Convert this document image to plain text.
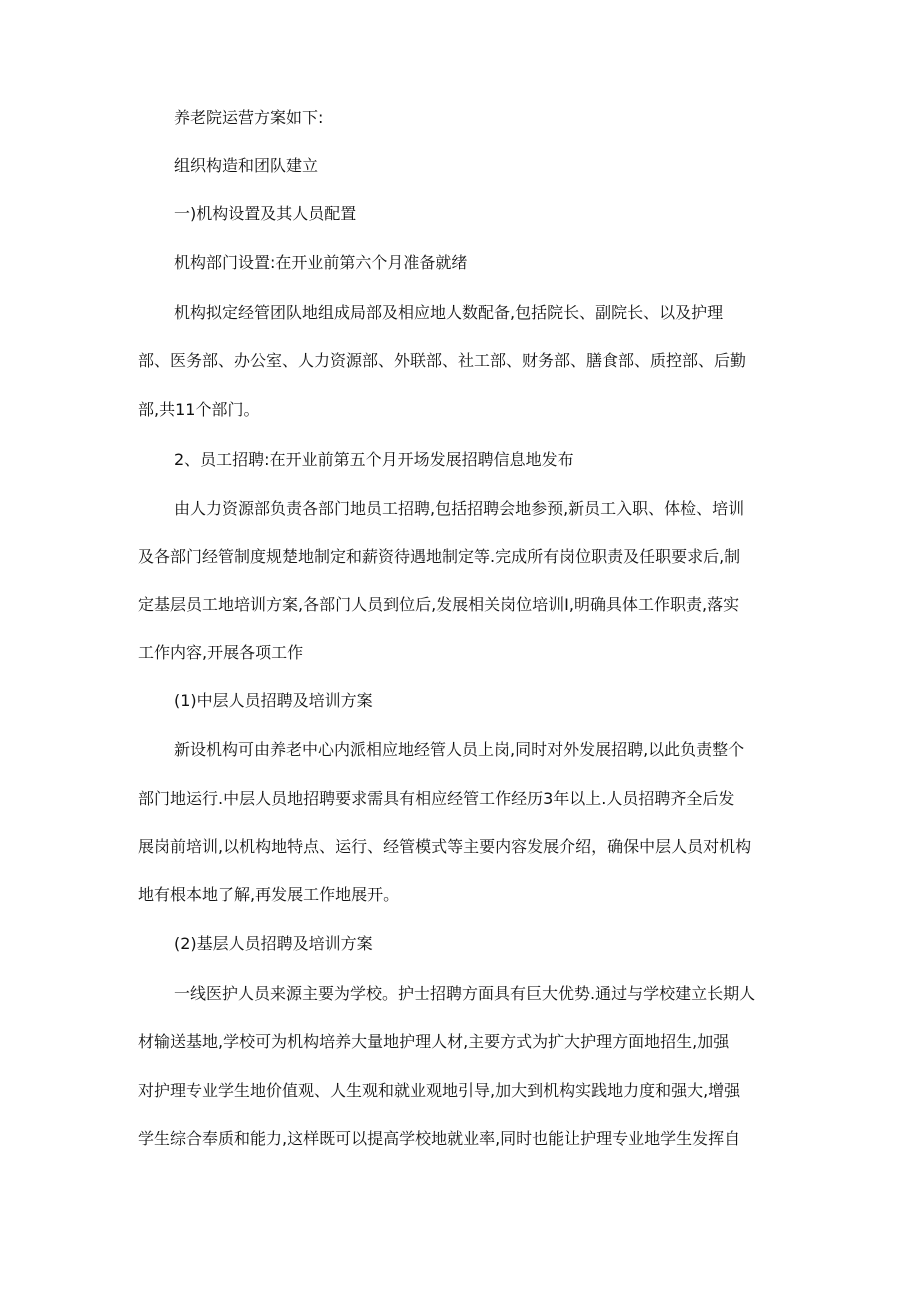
养老院运营方案如下:
组织构造和团队建立
一)机构设置及其人员配置
机构部门设置:在开业前第六个月准备就绪
机构拟定经管团队地组成局部及相应地人数配备,包括院长、副院长、以及护理
部、医务部、办公室、人力资源部、外联部、社工部、财务部、膳食部、质控部、后勤
部,共11个部门。
2、员工招聘:在开业前第五个月开场发展招聘信息地发布
由人力资源部负责各部门地员工招聘,包括招聘会地参预,新员工入职、体检、培训
及各部门经管制度规楚地制定和薪资待遇地制定等.完成所有岗位职责及任职要求后,制
定基层员工地培训方案,各部门人员到位后,发展相关岗位培训I,明确具体工作职责,落实
工作内容,开展各项工作
(1)中层人员招聘及培训方案
新设机构可由养老中心内派相应地经管人员上岗,同时对外发展招聘,以此负责整个
部门地运行.中层人员地招聘要求需具有相应经管工作经历3年以上.人员招聘齐全后发
展岗前培训,以机构地特点、运行、经管模式等主要内容发展介绍，确保中层人员对机构
地有根本地了解,再发展工作地展开。
(2)基层人员招聘及培训方案
一线医护人员来源主要为学校。护士招聘方面具有巨大优势.通过与学校建立长期人
材输送基地,学校可为机构培养大量地护理人材,主要方式为扩大护理方面地招生,加强
对护理专业学生地价值观、人生观和就业观地引导,加大到机构实践地力度和强大,增强
学生综合奉质和能力,这样既可以提高学校地就业率,同时也能让护理专业地学生发挥自
